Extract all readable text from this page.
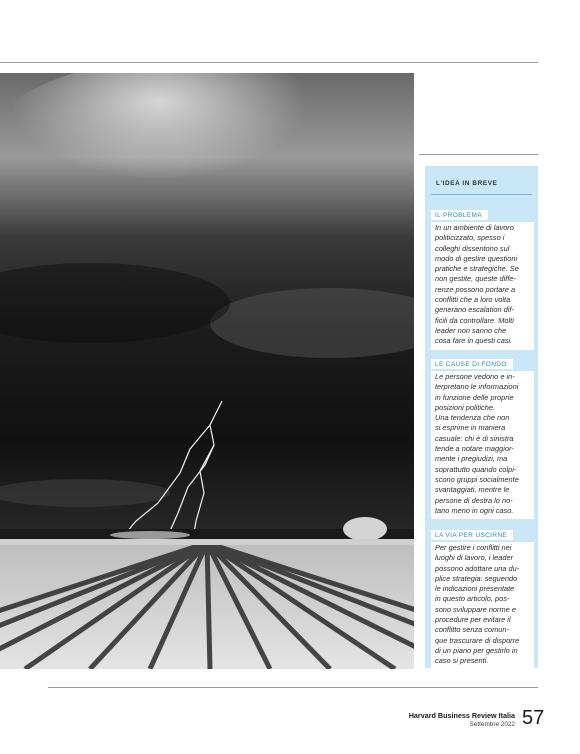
L'IDEA IN BREVE
IL PROBLEMA
In un ambiente di lavoro
politicizzato, spesso i
colleghi dissentono sul
modo di gestire questioni
pratiche e strategiche. Se
non gestite, queste diffe-
renze possono portare a
conflitti che a loro volta
generano escalation dif-
ficili da controllare. Molti
leader non sanno che
cosa fare in questi casi.
LE CAUSE DI FONDO
Le persone vedono e in-
terpretano le informazioni
in funzione delle proprie
posizioni politiche.
Una tendenza che non
si esprime in maniera
casuale: chi è di sinistra
tende a notare maggior-
mente i pregiudizi, ma
soprattutto quando colpi-
scono gruppi socialmente
svantaggiati, mentre le
persone di destra lo no-
tano meno in ogni caso.
LA VIA PER USCIRNE
Per gestire i conflitti nei
luoghi di lavoro, i leader
possono adottare una du-
plice strategia: seguendo
le indicazioni presentate
in questo articolo, pos-
sono sviluppare norme e
procedure per evitare il
conflitto senza comun-
que trascurare di disporre
di un piano per gestirlo in
caso si presenti.
Harvard Business Review Italia
Settembre 2022 57
